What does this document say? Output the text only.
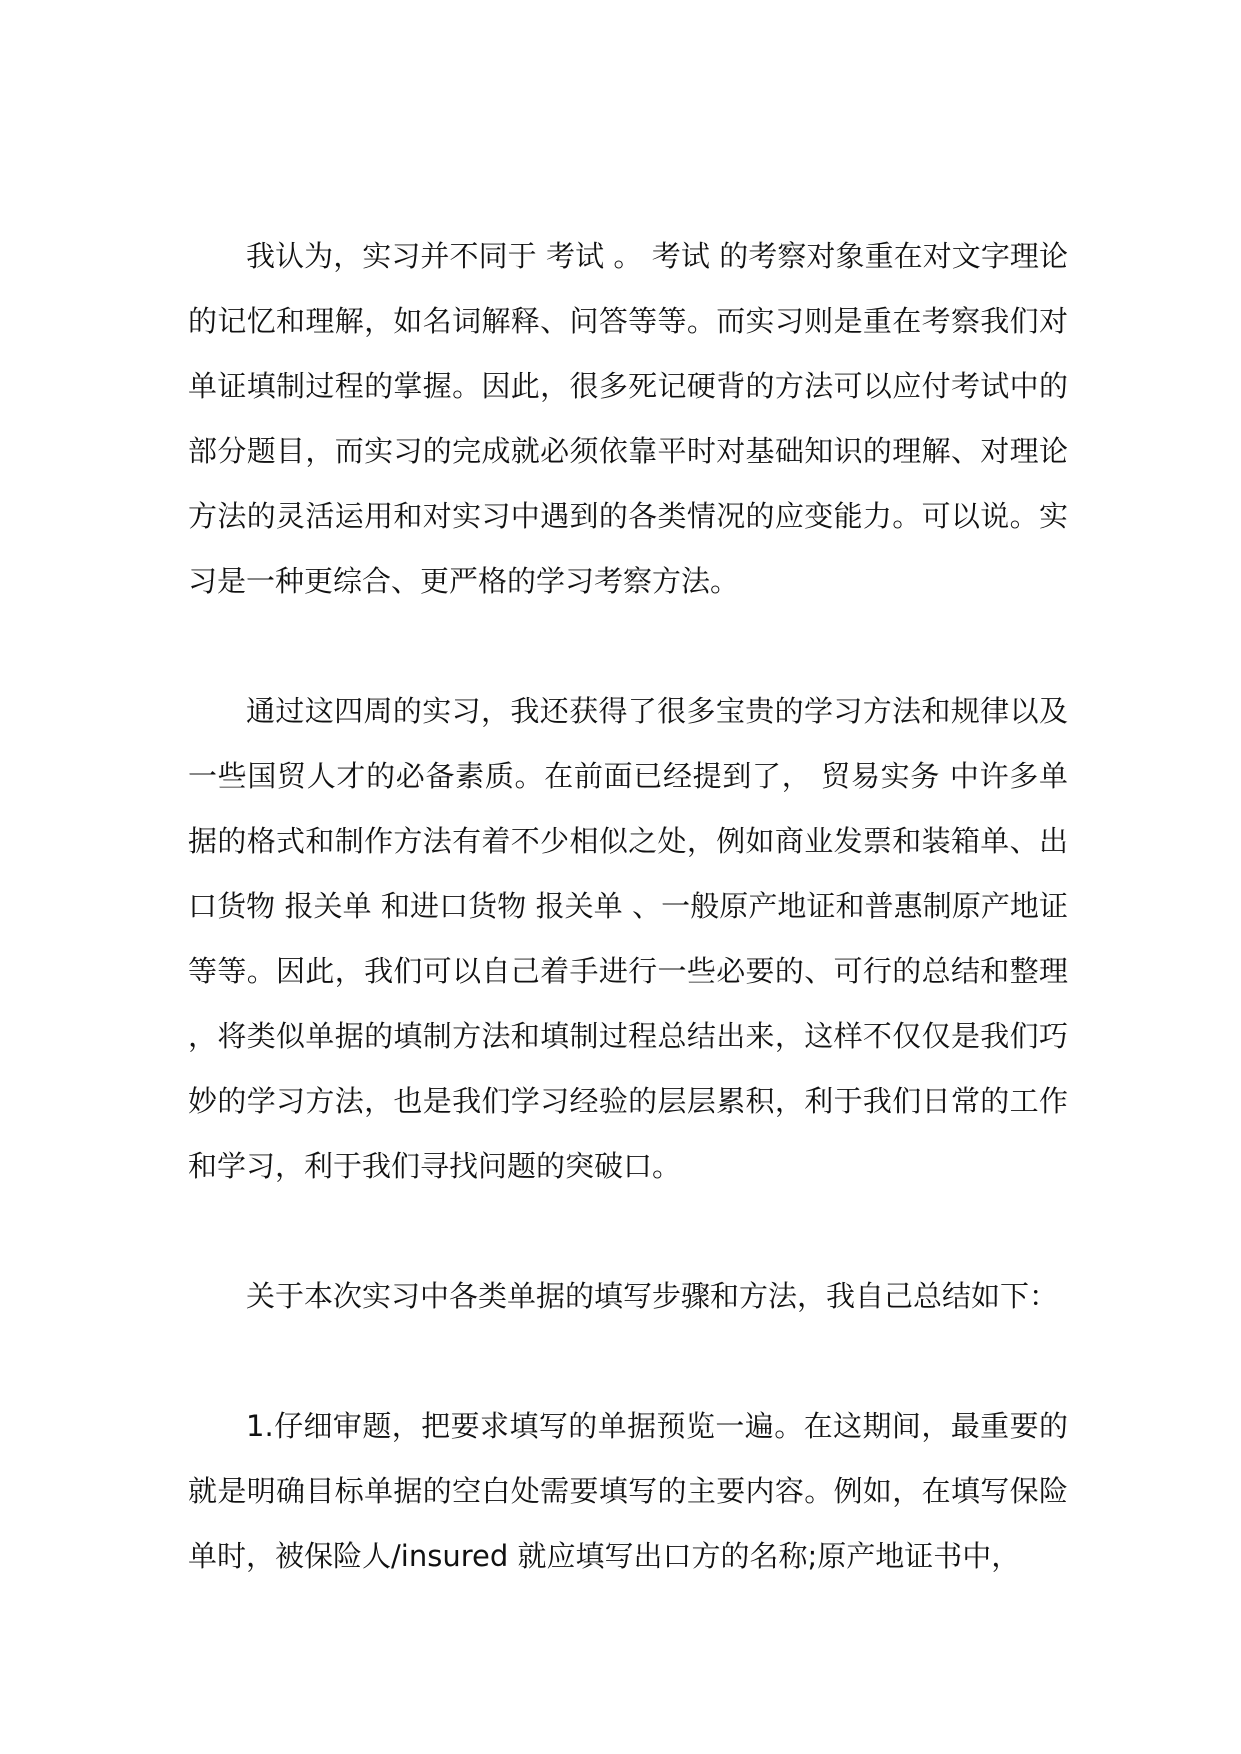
我认为，实习并不同于 考试 。 考试 的考察对象重在对文字理论的记忆和理解，如名词解释、问答等等。而实习则是重在考察我们对单证填制过程的掌握。因此，很多死记硬背的方法可以应付考试中的部分题目，而实习的完成就必须依靠平时对基础知识的理解、对理论方法的灵活运用和对实习中遇到的各类情况的应变能力。可以说。实习是一种更综合、更严格的学习考察方法。

通过这四周的实习，我还获得了很多宝贵的学习方法和规律以及一些国贸人才的必备素质。在前面已经提到了， 贸易实务 中许多单据的格式和制作方法有着不少相似之处，例如商业发票和装箱单、出口货物 报关单 和进口货物 报关单 、一般原产地证和普惠制原产地证等等。因此，我们可以自己着手进行一些必要的、可行的总结和整理，将类似单据的填制方法和填制过程总结出来，这样不仅仅是我们巧妙的学习方法，也是我们学习经验的层层累积，利于我们日常的工作和学习，利于我们寻找问题的突破口。

关于本次实习中各类单据的填写步骤和方法，我自己总结如下：

1.仔细审题，把要求填写的单据预览一遍。在这期间，最重要的就是明确目标单据的空白处需要填写的主要内容。例如，在填写保险单时，被保险人/insured 就应填写出口方的名称;原产地证书中，
